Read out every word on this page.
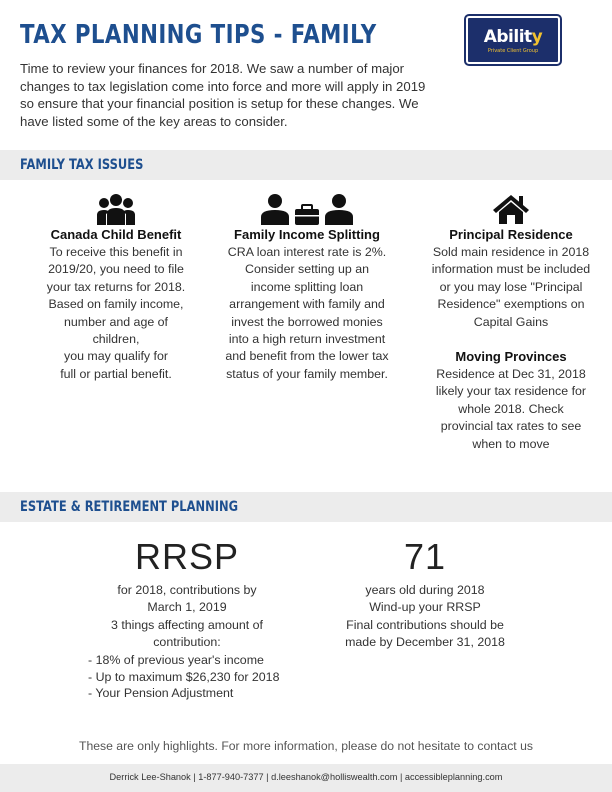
TAX PLANNING TIPS - FAMILY	Ability
Private Client Group

Time to review your finances for 2018. We saw a number of major changes to tax legislation come into force and more will apply in 2019 so ensure that your financial position is setup for these changes. We have listed some of the key areas to consider.

FAMILY TAX ISSUES
Canada Child Benefit
To receive this benefit in
2019/20, you need to file
your tax returns for 2018.
Based on family income,
number and age of
children,
you may qualify for
full or partial benefit.
Family Income Splitting
CRA loan interest rate is 2%.
Consider setting up an
income splitting loan
arrangement with family and
invest the borrowed monies
into a high return investment
and benefit from the lower tax
status of your family member.
Principal Residence
Sold main residence in 2018
information must be included
or you may lose "Principal
Residence" exemptions on
Capital Gains
Moving Provinces
Residence at Dec 31, 2018
likely your tax residence for
whole 2018. Check
provincial tax rates to see
when to move
ESTATE & RETIREMENT PLANNING
RRSP
for 2018, contributions by
March 1, 2019
3 things affecting amount of
contribution:
- 18% of previous year's income
- Up to maximum $26,230 for 2018
- Your Pension Adjustment
71
years old during 2018
Wind-up your RRSP
Final contributions should be
made by December 31, 2018
These are only highlights. For more information, please do not hesitate to contact us
Derrick Lee-Shanok | 1-877-940-7377 | d.leeshanok@holliswealth.com | accessibleplanning.com
